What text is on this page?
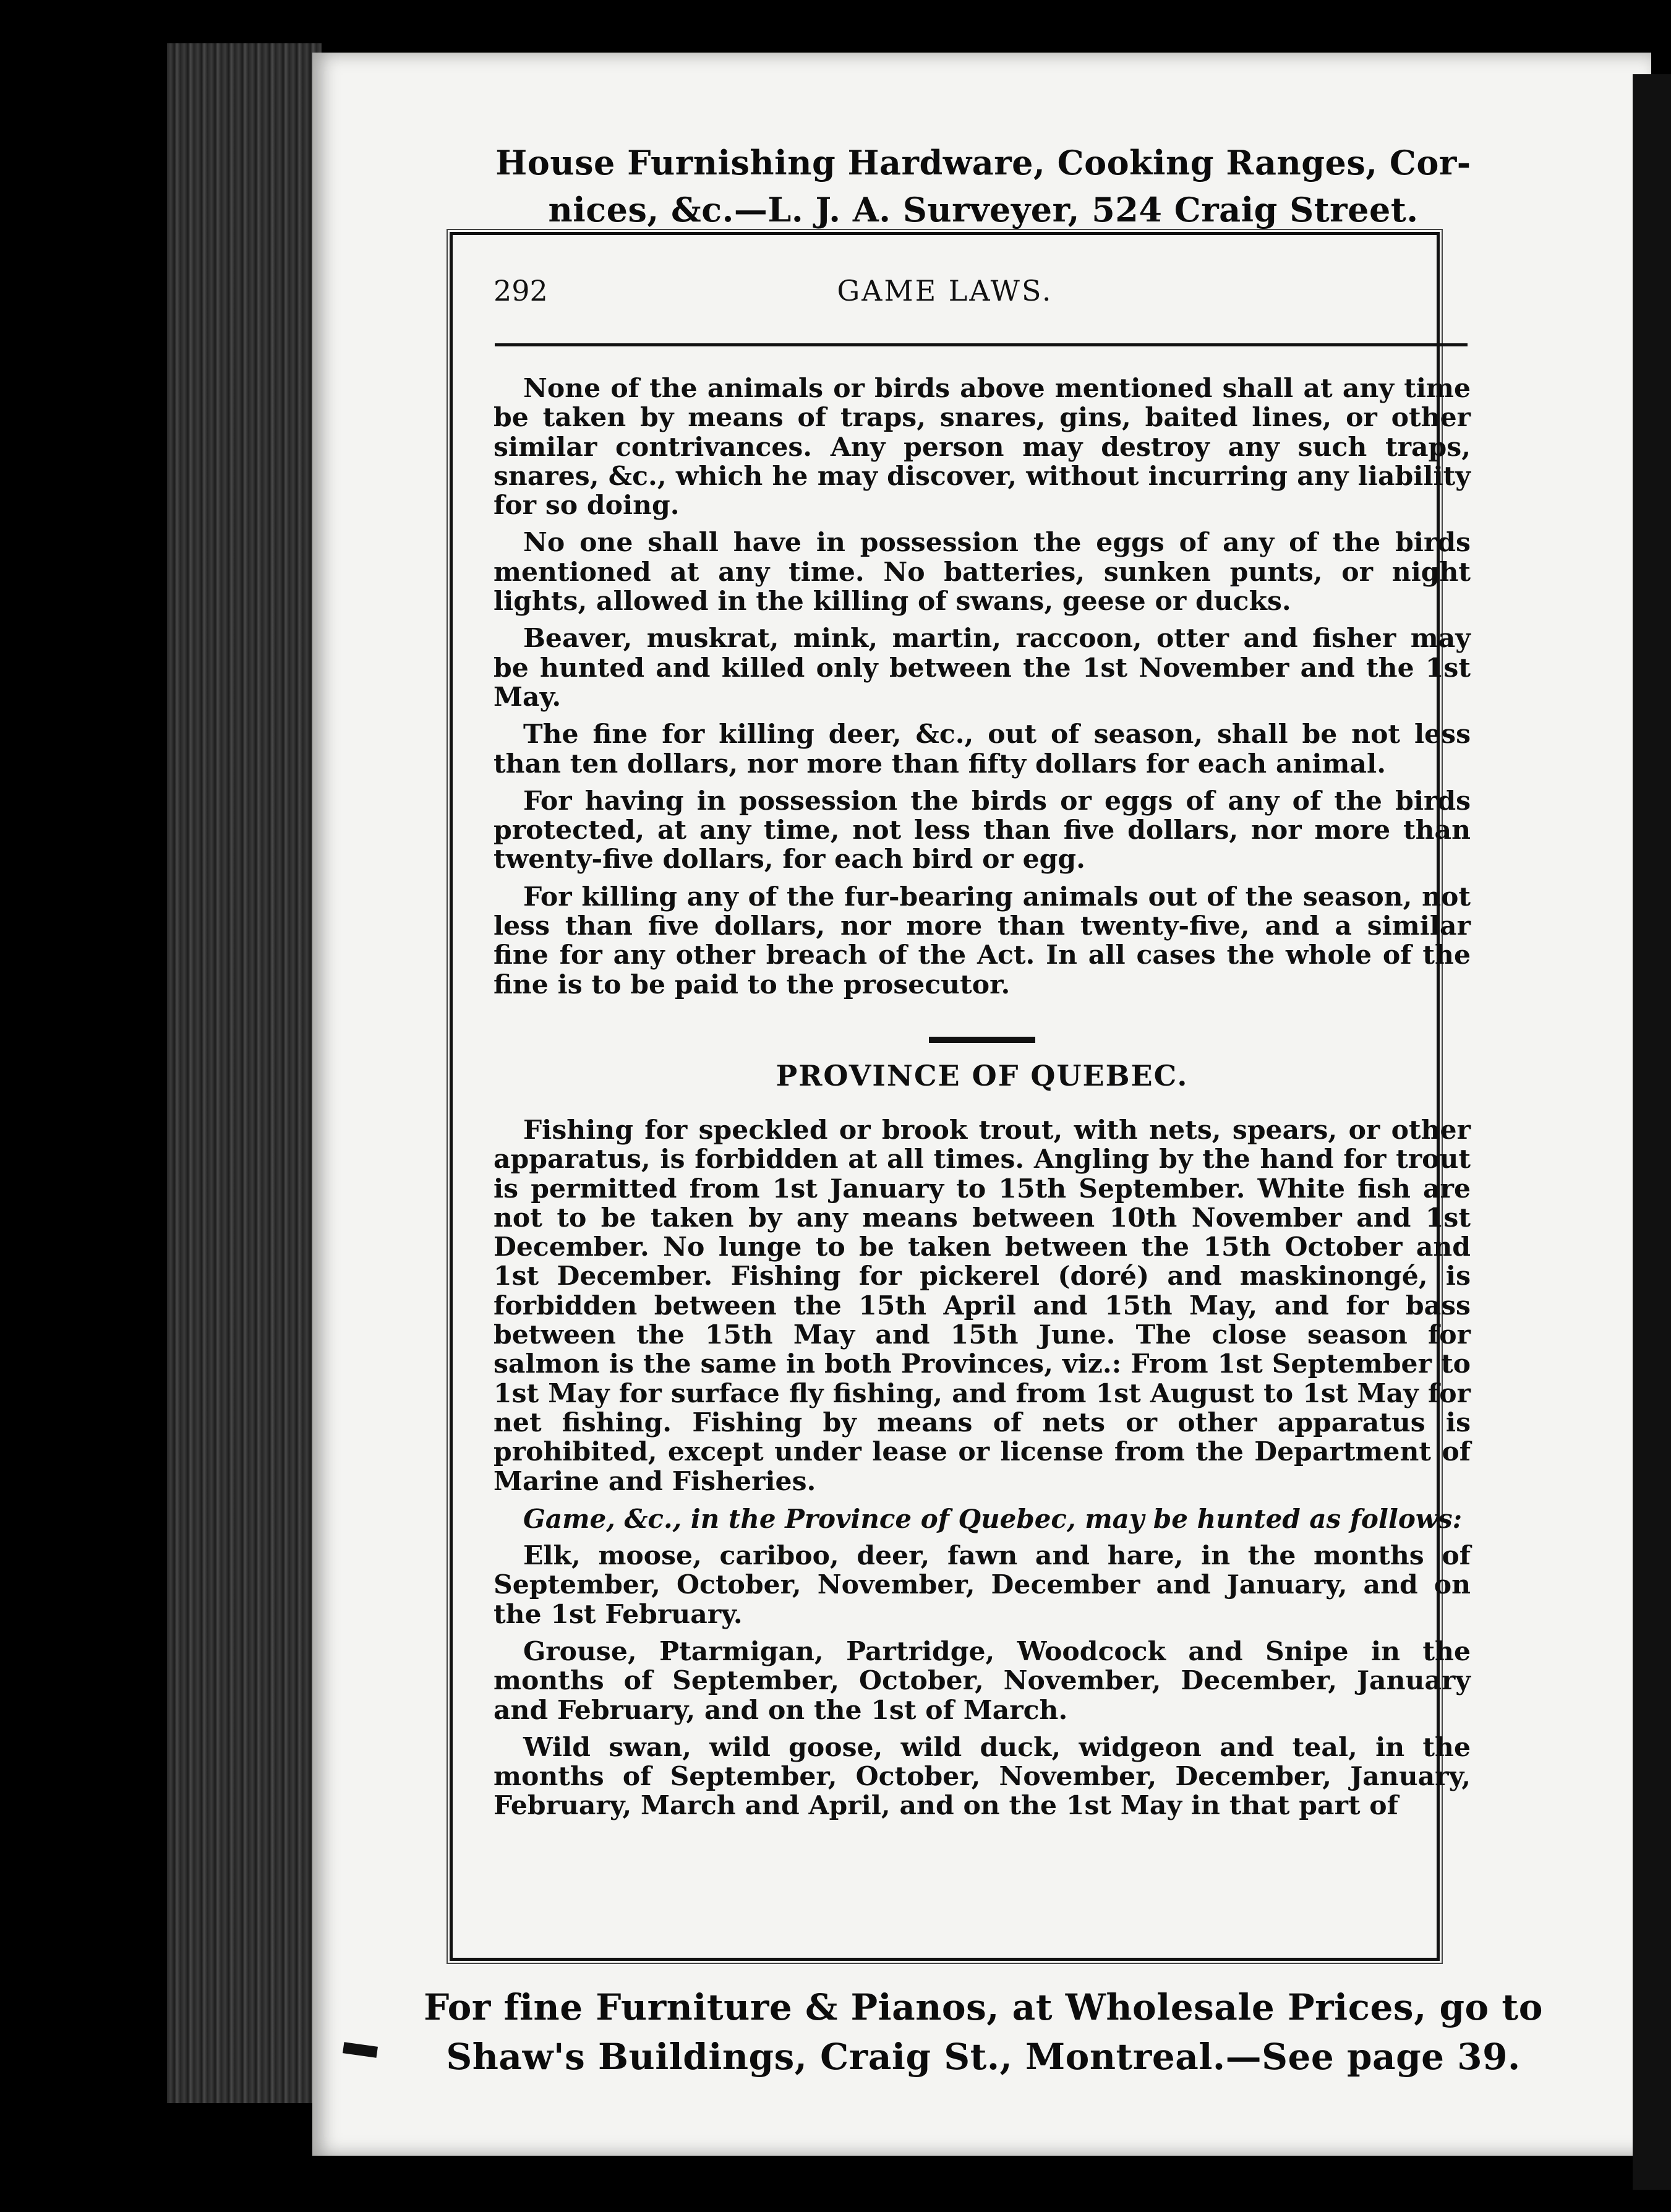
House Furnishing Hardware, Cooking Ranges, Cor-
nices, &c.—L. J. A. Surveyer, 524 Craig Street.
292	GAME LAWS.

None of the animals or birds above mentioned shall at any time be taken by means of traps, snares, gins, baited lines, or other similar contrivances. Any person may destroy any such traps, snares, &c., which he may discover, without incurring any liability for so doing.

No one shall have in possession the eggs of any of the birds mentioned at any time. No batteries, sunken punts, or night lights, allowed in the killing of swans, geese or ducks.

Beaver, muskrat, mink, martin, raccoon, otter and fisher may be hunted and killed only between the 1st November and the 1st May.

The fine for killing deer, &c., out of season, shall be not less than ten dollars, nor more than fifty dollars for each animal.

For having in possession the birds or eggs of any of the birds protected, at any time, not less than five dollars, nor more than twenty-five dollars, for each bird or egg.

For killing any of the fur-bearing animals out of the season, not less than five dollars, nor more than twenty-five, and a similar fine for any other breach of the Act. In all cases the whole of the fine is to be paid to the prosecutor.

PROVINCE OF QUEBEC.

Fishing for speckled or brook trout, with nets, spears, or other apparatus, is forbidden at all times. Angling by the hand for trout is permitted from 1st January to 15th September. White fish are not to be taken by any means between 10th November and 1st December. No lunge to be taken between the 15th October and 1st December. Fishing for pickerel (doré) and maskinongé, is forbidden between the 15th April and 15th May, and for bass between the 15th May and 15th June. The close season for salmon is the same in both Provinces, viz.: From 1st September to 1st May for surface fly fishing, and from 1st August to 1st May for net fishing. Fishing by means of nets or other apparatus is prohibited, except under lease or license from the Department of Marine and Fisheries.

Game, &c., in the Province of Quebec, may be hunted as follows:

Elk, moose, cariboo, deer, fawn and hare, in the months of September, October, November, December and January, and on the 1st February.

Grouse, Ptarmigan, Partridge, Woodcock and Snipe in the months of September, October, November, December, January and February, and on the 1st of March.

Wild swan, wild goose, wild duck, widgeon and teal, in the months of September, October, November, December, January, February, March and April, and on the 1st May in that part of

For fine Furniture & Pianos, at Wholesale Prices, go to
Shaw's Buildings, Craig St., Montreal.—See page 39.
